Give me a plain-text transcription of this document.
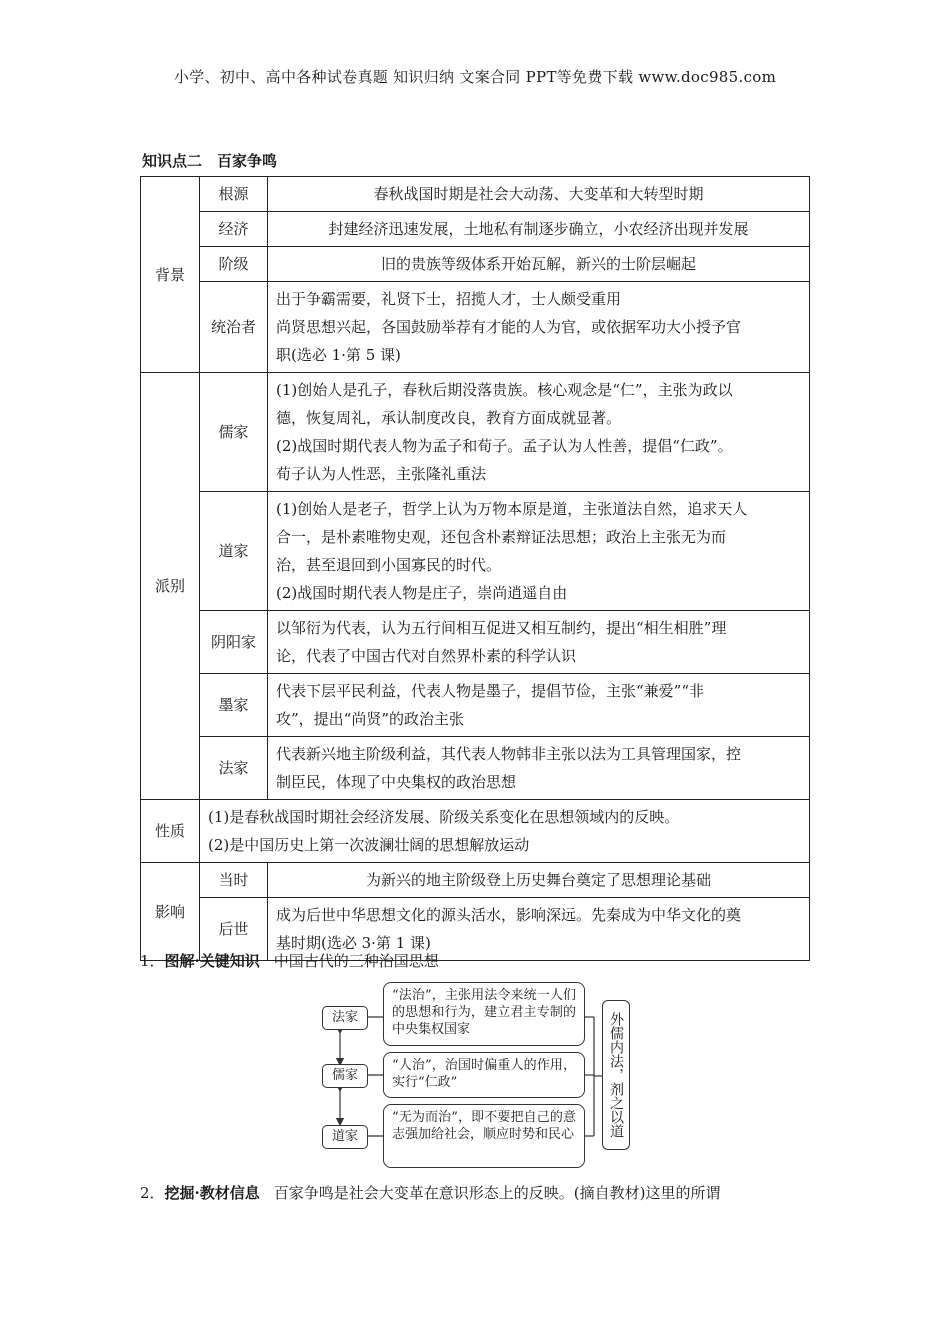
小学、初中、高中各种试卷真题 知识归纳 文案合同 PPT等免费下载 www.doc985.com
知识点二　百家争鸣
背景	根源	春秋战国时期是社会大动荡、大变革和大转型时期
	经济	封建经济迅速发展，土地私有制逐步确立，小农经济出现并发展
	阶级	旧的贵族等级体系开始瓦解，新兴的士阶层崛起
	统治者	出于争霸需要，礼贤下士，招揽人才，士人颇受重用
尚贤思想兴起，各国鼓励举荐有才能的人为官，或依据军功大小授予官
职(选必 1·第 5 课)

派别	儒家	(1)创始人是孔子，春秋后期没落贵族。核心观念是“仁”，主张为政以
德，恢复周礼，承认制度改良，教育方面成就显著。
(2)战国时期代表人物为孟子和荀子。孟子认为人性善，提倡“仁政”。
荀子认为人性恶，主张隆礼重法

	道家	(1)创始人是老子，哲学上认为万物本原是道，主张道法自然，追求天人
合一，是朴素唯物史观，还包含朴素辩证法思想；政治上主张无为而
治，甚至退回到小国寡民的时代。
(2)战国时期代表人物是庄子，崇尚逍遥自由

	阴阳家	以邹衍为代表，认为五行间相互促进又相互制约，提出“相生相胜”理
论，代表了中国古代对自然界朴素的科学认识

	墨家	代表下层平民利益，代表人物是墨子，提倡节俭，主张“兼爱”“非
攻”，提出“尚贤”的政治主张

	法家	代表新兴地主阶级利益，其代表人物韩非主张以法为工具管理国家，控
制臣民，体现了中央集权的政治思想

性质	(1)是春秋战国时期社会经济发展、阶级关系变化在思想领域内的反映。
(2)是中国历史上第一次波澜壮阔的思想解放运动	

影响	当时	为新兴的地主阶级登上历史舞台奠定了思想理论基础
	后世	成为后世中华思想文化的源头活水，影响深远。先秦成为中华文化的奠
基时期(选必 3·第 1 课)
1．图解·关键知识 中国古代的三种治国思想
法家
儒家
道家
“法治”，主张用法令来统一人们的思想和行为，建立君主专制的中央集权国家
“人治”，治国时偏重人的作用，实行“仁政”
“无为而治”，即不要把自己的意志强加给社会，顺应时势和民心	外儒内法，剂之以道
2．挖掘·教材信息 百家争鸣是社会大变革在意识形态上的反映。(摘自教材)这里的所谓
